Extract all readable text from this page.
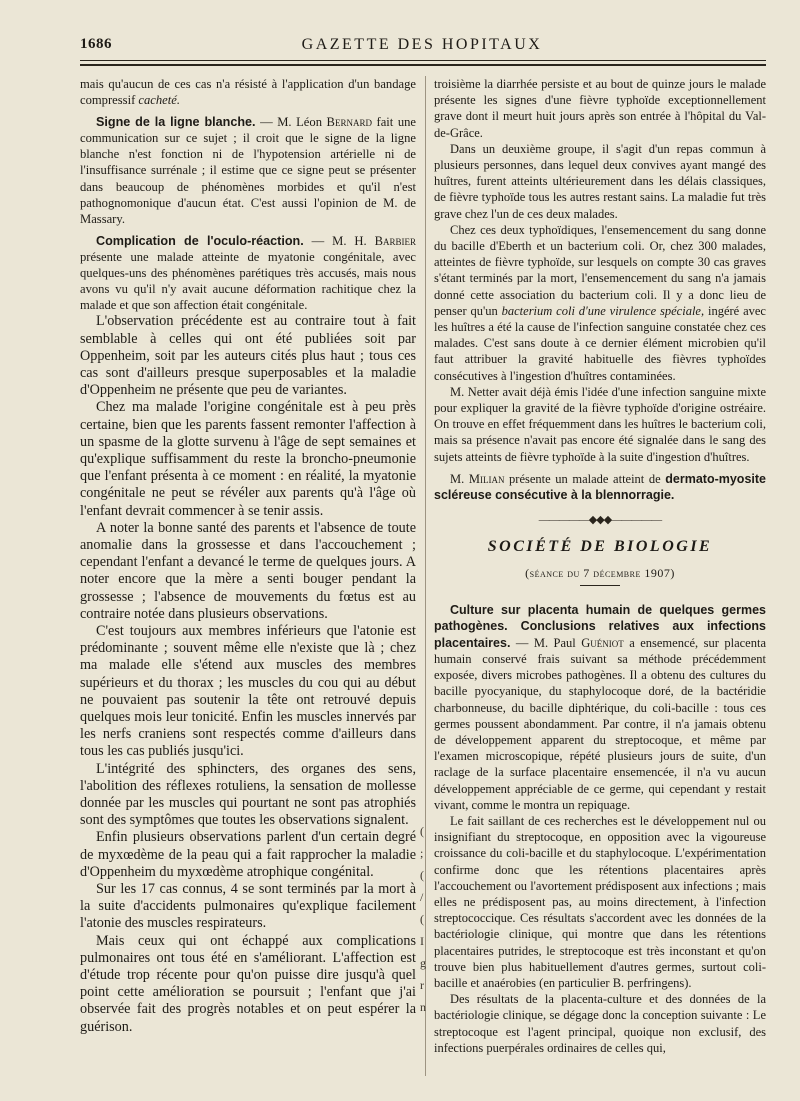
1686	GAZETTE DES HOPITAUX

mais qu'aucun de ces cas n'a résisté à l'application d'un bandage compressif cacheté.

Signe de la ligne blanche. — M. Léon Bernard fait une communication sur ce sujet ; il croit que le signe de la ligne blanche n'est fonction ni de l'hypotension artérielle ni de l'insuffisance surrénale ; il estime que ce signe peut se présenter dans beaucoup de phénomènes morbides et qu'il n'est pathognomonique d'aucun état. C'est aussi l'opinion de M. de Massary.

Complication de l'oculo-réaction. — M. H. Barbier présente une malade atteinte de myatonie congénitale, avec quelques-uns des phénomènes parétiques très accusés, mais nous avons vu qu'il n'y avait aucune déformation rachitique chez la malade et que son affection était congénitale.

L'observation précédente est au contraire tout à fait semblable à celles qui ont été publiées soit par Oppenheim, soit par les auteurs cités plus haut ; tous ces cas sont d'ailleurs presque superposables et la maladie d'Oppenheim ne présente que peu de variantes.

Chez ma malade l'origine congénitale est à peu près certaine, bien que les parents fassent remonter l'affection à un spasme de la glotte survenu à l'âge de sept semaines et qu'explique suffisamment du reste la broncho-pneumonie que l'enfant présenta à ce moment : en réalité, la myatonie congénitale ne peut se révéler aux parents qu'à l'âge où l'enfant devrait commencer à se tenir assis.

A noter la bonne santé des parents et l'absence de toute anomalie dans la grossesse et dans l'accouchement ; cependant l'enfant a devancé le terme de quelques jours. A noter encore que la mère a senti bouger pendant la grossesse ; l'absence de mouvements du fœtus est au contraire notée dans plusieurs observations.

C'est toujours aux membres inférieurs que l'atonie est prédominante ; souvent même elle n'existe que là ; chez ma malade elle s'étend aux muscles des membres supérieurs et du thorax ; les muscles du cou qui au début ne pouvaient pas soutenir la tête ont retrouvé depuis quelques mois leur tonicité. Enfin les muscles innervés par les nerfs craniens sont respectés comme d'ailleurs dans tous les cas publiés jusqu'ici.

L'intégrité des sphincters, des organes des sens, l'abolition des réflexes rotuliens, la sensation de mollesse donnée par les muscles qui pourtant ne sont pas atrophiés sont des symptômes que toutes les observations signalent.

Enfin plusieurs observations parlent d'un certain degré de myxœdème de la peau qui a fait rapprocher la maladie d'Oppenheim du myxœdème atrophique congénital.

Sur les 17 cas connus, 4 se sont terminés par la mort à la suite d'accidents pulmonaires qu'explique facilement l'atonie des muscles respirateurs.

Mais ceux qui ont échappé aux complications pulmonaires ont tous été en s'améliorant. L'affection est d'étude trop récente pour qu'on puisse dire jusqu'à quel point cette amélioration se poursuit ; l'enfant que j'ai observée fait des progrès notables et on peut espérer la guérison.

troisième la diarrhée persiste et au bout de quinze jours le malade présente les signes d'une fièvre typhoïde exceptionnellement grave dont il meurt huit jours après son entrée à l'hôpital du Val-de-Grâce.

Dans un deuxième groupe, il s'agit d'un repas commun à plusieurs personnes, dans lequel deux convives ayant mangé des huîtres, furent atteints ultérieurement dans les délais classiques, de fièvre typhoïde tous les autres restant sains. La maladie fut très grave chez l'un de ces deux malades.

Chez ces deux typhoïdiques, l'ensemencement du sang donne du bacille d'Eberth et un bacterium coli. Or, chez 300 malades, atteintes de fièvre typhoïde, sur lesquels on compte 30 cas graves s'étant terminés par la mort, l'ensemencement du sang n'a jamais donné cette association du bacterium coli. Il y a donc lieu de penser qu'un bacterium coli d'une virulence spéciale, ingéré avec les huîtres a été la cause de l'infection sanguine constatée chez ces malades. C'est sans doute à ce dernier élément microbien qu'il faut attribuer la gravité habituelle des fièvres typhoïdes consécutives à l'ingestion d'huîtres contaminées.

M. Netter avait déjà émis l'idée d'une infection sanguine mixte pour expliquer la gravité de la fièvre typhoïde d'origine ostréaire. On trouve en effet fréquemment dans les huîtres le bacterium coli, mais sa présence n'avait pas encore été signalée dans le sang des sujets atteints de fièvre typhoïde à la suite d'ingestion d'huîtres.

M. Milian présente un malade atteint de dermato-myosite scléreuse consécutive à la blennorragie.

—————◆◆◆—————
SOCIÉTÉ DE BIOLOGIE
(séance du 7 décembre 1907)

Culture sur placenta humain de quelques germes pathogènes. Conclusions relatives aux infections placentaires. — M. Paul Guéniot a ensemencé, sur placenta humain conservé frais suivant sa méthode précédemment exposée, divers microbes pathogènes. Il a obtenu des cultures du bacille pyocyanique, du staphylocoque doré, de la bactéridie charbonneuse, du bacille diphtérique, du coli-bacille : tous ces germes poussent abondamment. Par contre, il n'a jamais obtenu de développement apparent du streptocoque, et même par l'examen microscopique, répété plusieurs jours de suite, d'un raclage de la surface placentaire ensemencée, il n'a vu aucun développement appréciable de ce germe, qui cependant y restait vivant, comme le montra un repiquage.

Le fait saillant de ces recherches est le développement nul ou insignifiant du streptocoque, en opposition avec la vigoureuse croissance du coli-bacille et du staphylocoque. L'expérimentation confirme donc que les rétentions placentaires après l'accouchement ou l'avortement prédisposent aux infections ; mais elles ne prédisposent pas, au moins directement, à l'infection streptococcique. Ces résultats s'accordent avec les données de la bactériologie clinique, qui montre que dans les rétentions placentaires putrides, le streptocoque est très inconstant et qu'on trouve bien plus habituellement d'autres germes, surtout coli-bacille et anaérobies (en particulier B. perfringens).

Des résultats de la placenta-culture et des données de la bactériologie clinique, se dégage donc la conception suivante : Le streptocoque est l'agent principal, quoique non exclusif, des infections puerpérales ordinaires de celles qui,

(
;
(
/
(
I
g
r
n
